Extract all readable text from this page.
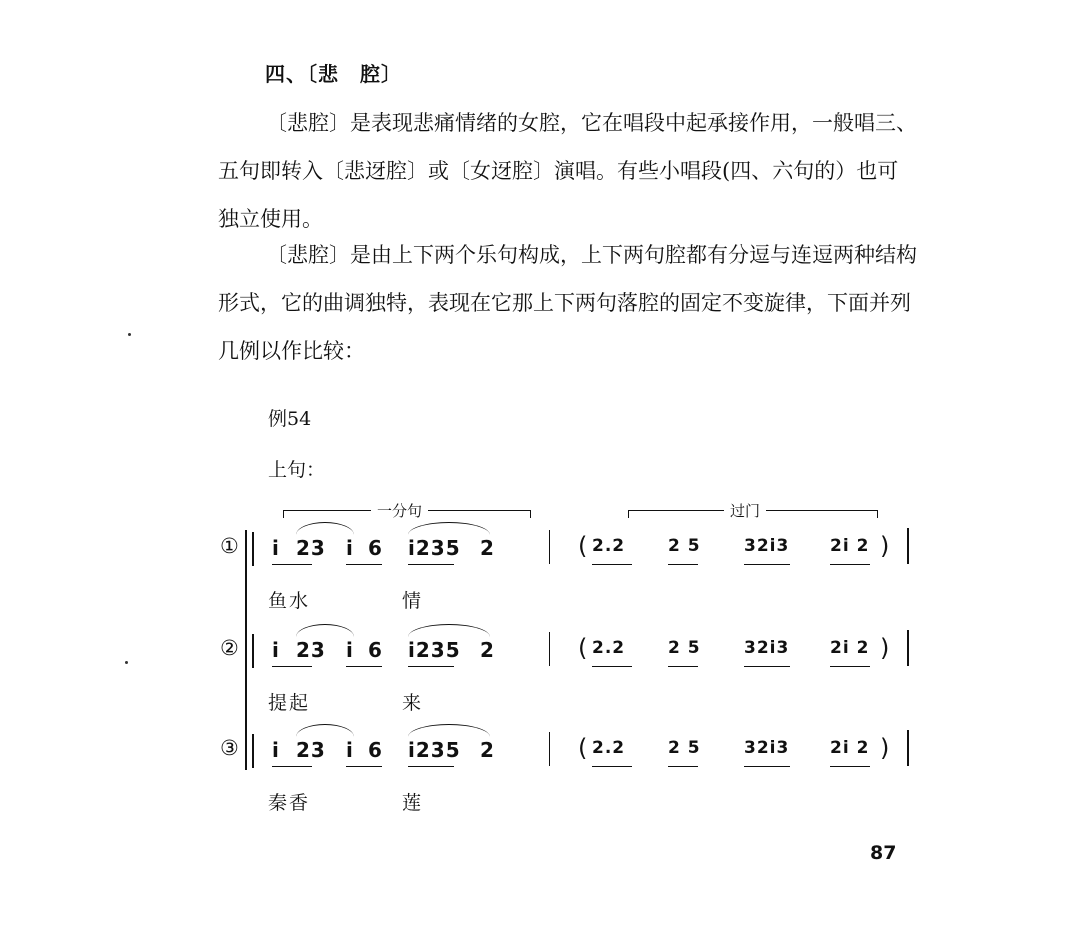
四、〔悲　腔〕
〔悲腔〕是表现悲痛情绪的女腔，它在唱段中起承接作用，一般唱三、五句即转入〔悲迓腔〕或〔女迓腔〕演唱。有些小唱段(四、六句的）也可独立使用。
〔悲腔〕是由上下两个乐句构成，上下两句腔都有分逗与连逗两种结构形式，它的曲调独特，表现在它那上下两句落腔的固定不变旋律，下面并列几例以作比较：
例54
上句：
一分句	过门
① i 23 i 6 i235 2	( 2.2	2 5	32i3 2i 2 )
鱼水	情
② i 23 i 6 i235 2	( 2.2	2 5	32i3 2i 2 )
提起	来
③ i 23 i 6 i235 2	( 2.2	2 5	32i3 2i 2 )
秦香	莲
87
